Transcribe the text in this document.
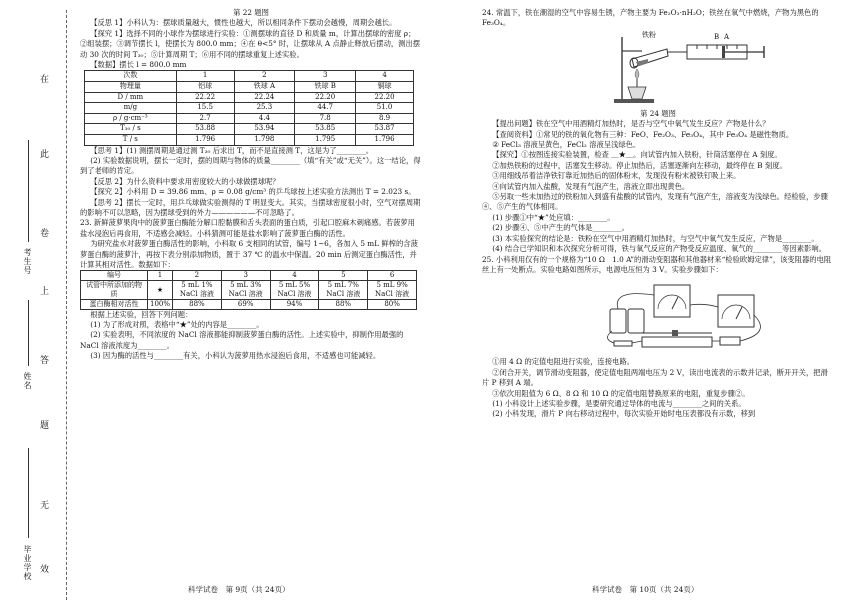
在
此
卷
上
答
题
无
效
考生号
姓名
毕业学校

第 22 题图

【反思 1】小科认为：摆球质量越大，惯性也越大，所以相同条件下摆动会越慢，周期会越长。

【探究 1】选择不同的小球作为摆球进行实验：①测摆球的直径 D 和质量 m，计算出摆球的密度 ρ；②组装摆；③调节摆长 l，使摆长为 800.0 mm；④在 θ<5° 时，让摆球从 A 点静止释放后摆动，测出摆动 30 次的时间 T₃₀；⑤计算周期 T；⑥用不同的摆球重复上述实验。

【数据】摆长 l = 800.0 mm

次数	1	2	3	4
物理量	铝球	铁球 A	铁球 B	铜球
D / mm	22.22	22.24	22.20	22.20
m/g	15.5	25.3	44.7	51.0
ρ / g·cm⁻³	2.7	4.4	7.8	8.9
T₃₀ / s	53.88	53.94	53.85	53.87
T / s	1.796	1.798	1.795	1.796

【思考 1】(1) 测摆周期是通过测 T₃₀ 后求出 T，而不是直接测 T，这是为了________。

(2) 实验数据说明，摆长一定时，摆的周期与物体的质量________（填“有关”或“无关”）。这一结论，得到了老师的肯定。

【反思 2】为什么资料中要求用密度较大的小球做摆球呢？

【探究 2】小科用 D = 39.86 mm、ρ = 0.08 g/cm³ 的乒乓球按上述实验方法测出 T = 2.023 s。

【思考 2】摆长一定时，用乒乓球做实验测得的 T 明显变大。其实，当摆球密度很小时，空气对摆周期的影响不可以忽略，因为摆球受到的外力——————不可忽略了。

23. 新鲜菠萝果肉中的菠萝蛋白酶能分解口腔黏膜和舌头表面的蛋白质，引起口腔麻木刺痛感。若菠萝用盐水浸泡后再食用，不适感会减轻。小科猜测可能是盐水影响了菠萝蛋白酶的活性。

为研究盐水对菠萝蛋白酶活性的影响，小科取 6 支相同的试管，编号 1~6，各加入 5 mL 鲜榨的含菠萝蛋白酶的菠萝汁，再按下表分别添加物质，置于 37 ℃ 的温水中保温。20 min 后测定蛋白酶活性，并计算其相对活性。数据如下：

编号	1	2	3	4	5	6
试管中所添加的物质	★	5 mL 1% NaCl 溶液	5 mL 3% NaCl 溶液	5 mL 5% NaCl 溶液	5 mL 7% NaCl 溶液	5 mL 9% NaCl 溶液
蛋白酶相对活性	100%	88%	69%	94%	88%	80%

根据上述实验，回答下列问题：

(1) 为了形成对照，表格中“★”处的内容是________。

(2) 实验表明，不同浓度的 NaCl 溶液都能抑制菠萝蛋白酶的活性。上述实验中，抑制作用最强的 NaCl 溶液浓度为________。

(3) 因为酶的活性与________有关，小科认为菠萝用热水浸泡后食用，不适感也可能减轻。

科学试卷　第 9页（共 24页）

24. 常温下，铁在潮湿的空气中容易生锈，产物主要为 Fe₂O₃·nH₂O；铁丝在氧气中燃烧，产物为黑色的 Fe₃O₄。

铁粉	B A

第 24 题图

【提出问题】铁在空气中用酒精灯加热时，是否与空气中氧气发生反应？产物是什么？

【查阅资料】①常见的铁的氧化物有三种：FeO、Fe₂O₃、Fe₃O₄，其中 Fe₃O₄ 是磁性物质。

② FeCl₃ 溶液呈黄色，FeCl₂ 溶液呈浅绿色。

【探究】①按图连接实验装置，检查 ＿★＿。向试管内加入铁粉，针筒活塞停在 A 刻度。

②加热铁粉的过程中，活塞发生移动。停止加热后，活塞逐渐向左移动，最终停在 B 刻度。

③用细线吊着洁净铁钉靠近加热后的固体粉末，发现没有粉末被铁钉吸上来。

④向试管内加入盐酸，发现有气泡产生，溶液立即出现黄色。

⑤另取一些未加热过的铁粉加入到盛有盐酸的试管内，发现有气泡产生，溶液变为浅绿色。经检验，步骤④、⑤产生的气体相同。

(1) 步骤①中“★”处应填：________。

(2) 步骤④、⑤中产生的气体是________。

(3) 本实验探究的结论是：铁粉在空气中用酒精灯加热时，与空气中氧气发生反应，产物是________。

(4) 结合已学知识和本次探究分析可得，铁与氧气反应的产物受反应温度、氧气的________等因素影响。

25. 小科利用仅有的一个规格为“10 Ω　1.0 A”的滑动变阻器和其他器材来“检验欧姆定律”，该变阻器的电阻丝上有一处断点。实验电路如图所示，电源电压恒为 3 V。实验步骤如下：

①用 4 Ω 的定值电阻进行实验，连接电路。

②闭合开关，调节滑动变阻器，使定值电阻两端电压为 2 V，读出电流表的示数并记录，断开开关，把滑片 P 移到 A 端。

③依次用阻值为 6 Ω、8 Ω 和 10 Ω 的定值电阻替换原来的电阻，重复步骤②。

(1) 小科设计上述实验步骤，是要研究通过导体的电流与________之间的关系。

(2) 小科发现，滑片 P 向右移动过程中，每次实验开始时电压表都没有示数，移到

科学试卷　第 10页（共 24页）
